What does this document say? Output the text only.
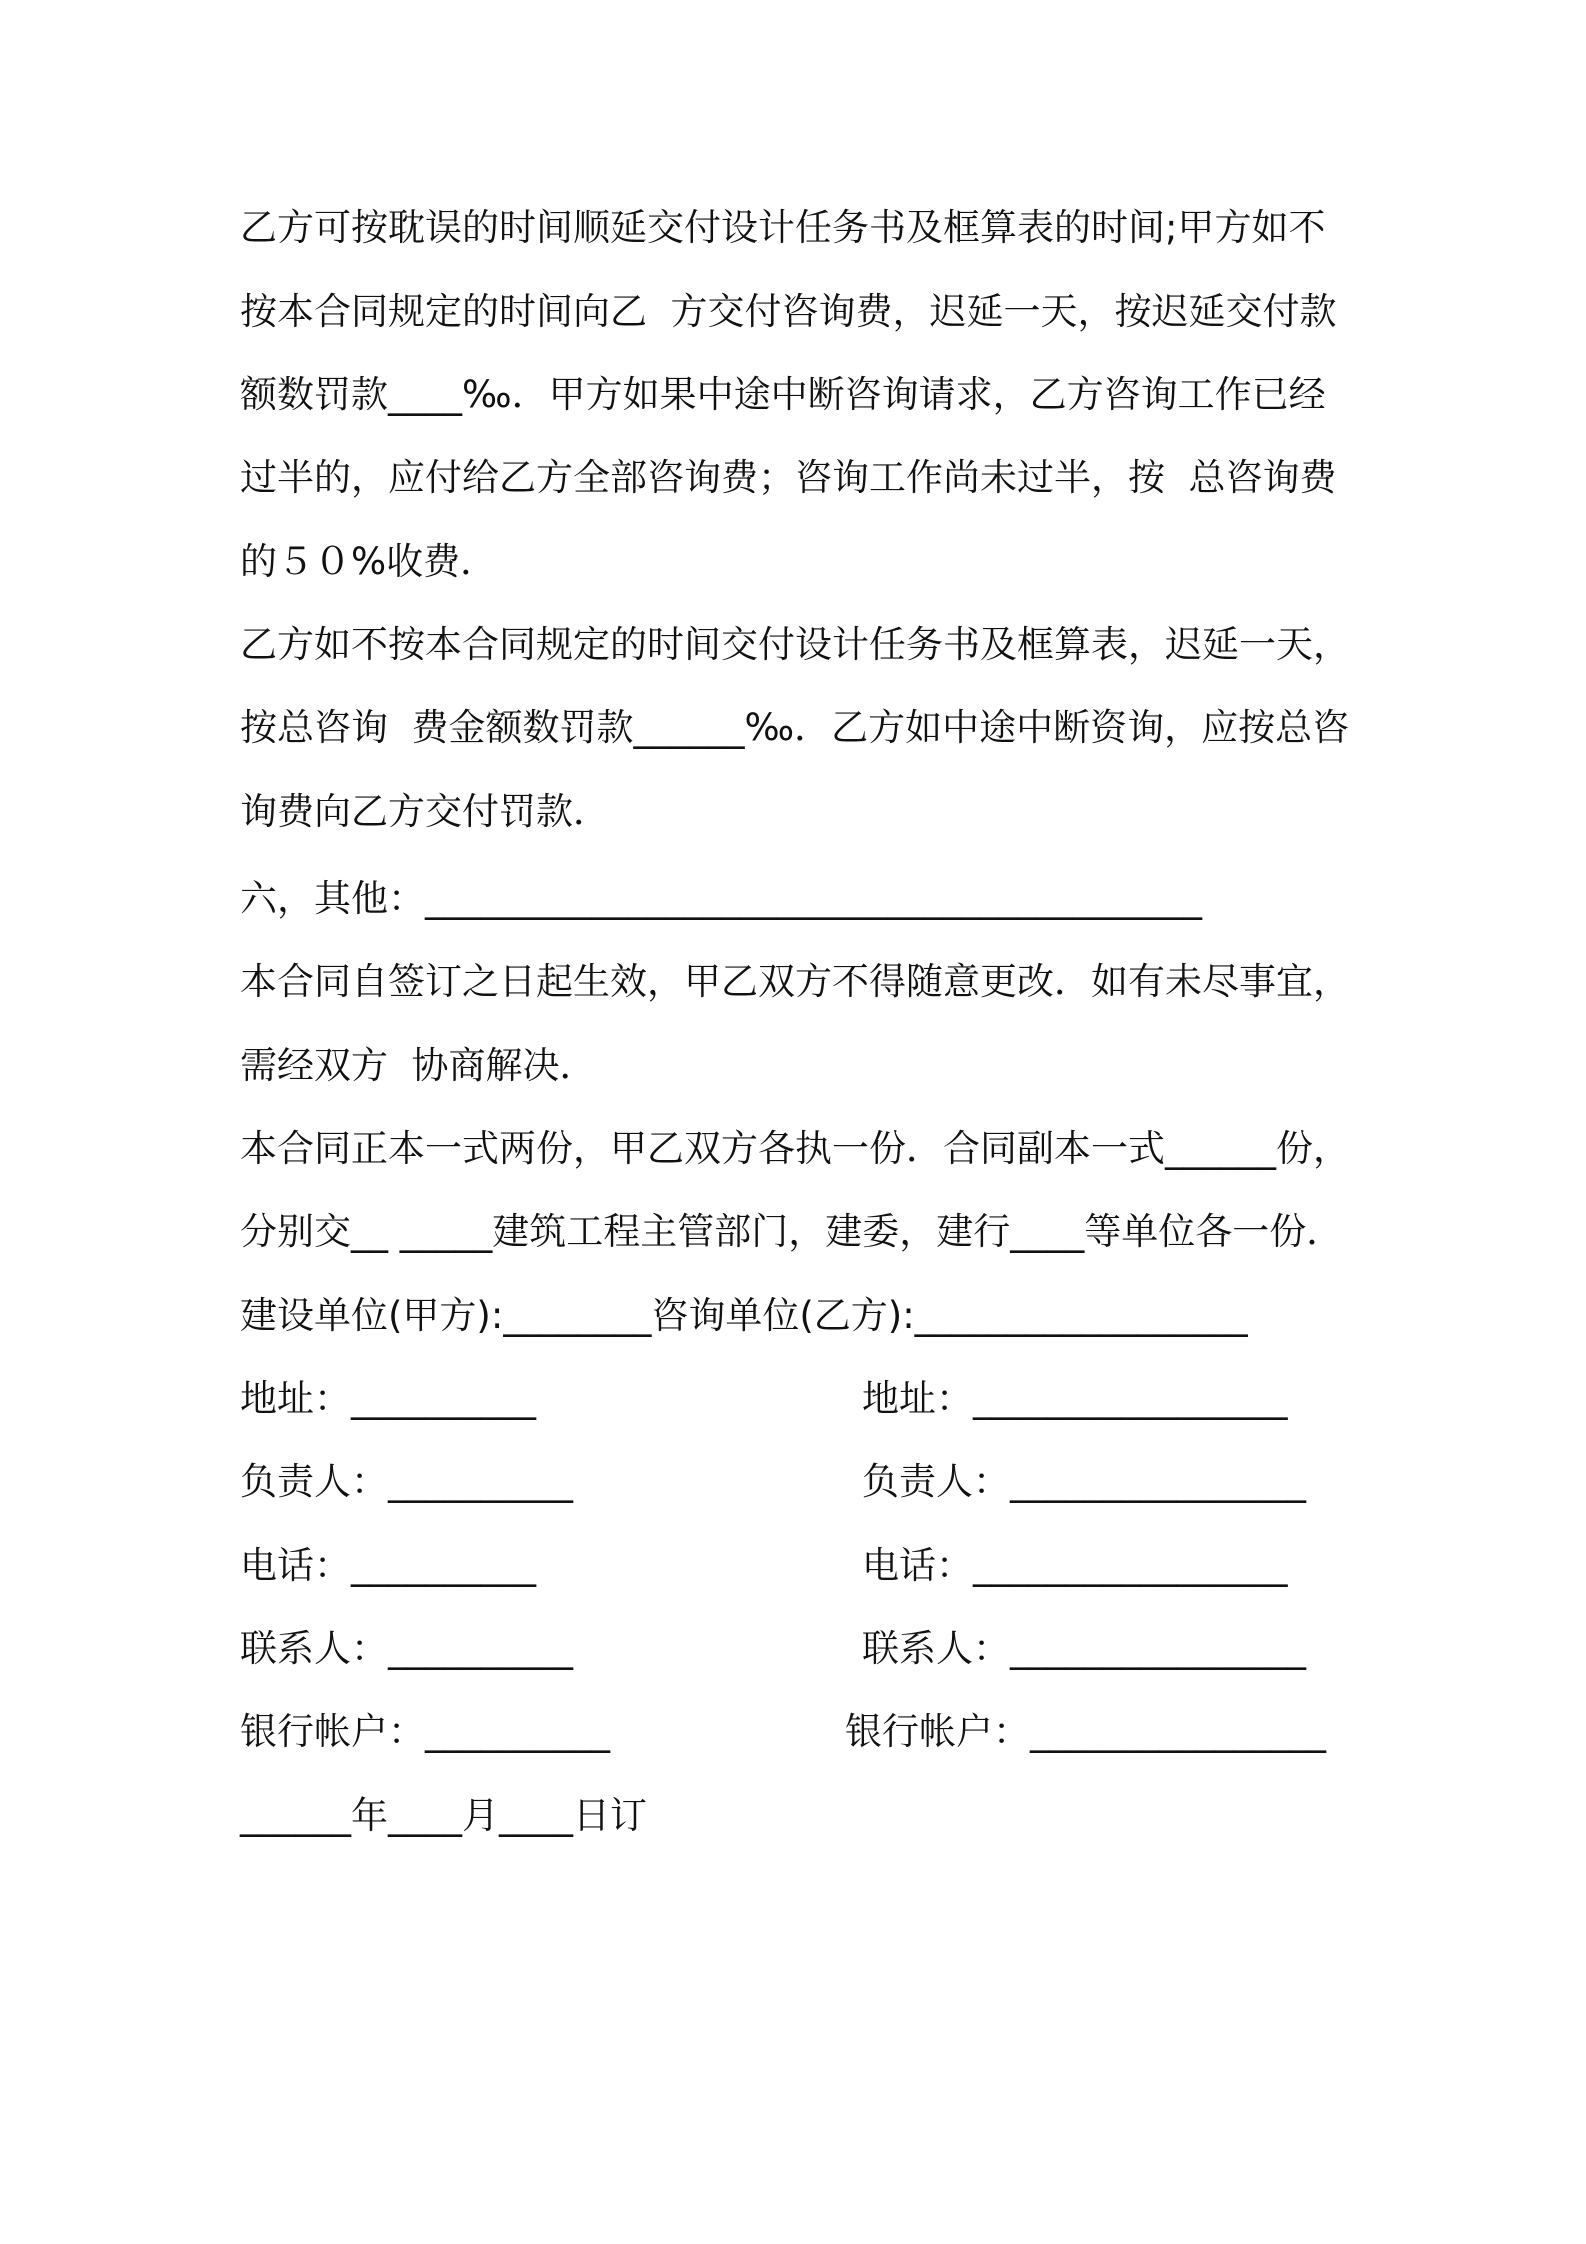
乙方可按耽误的时间顺延交付设计任务书及框算表的时间;甲方如不
按本合同规定的时间向乙  方交付咨询费，迟延一天，按迟延交付款
额数罚款____‰．甲方如果中途中断咨询请求，乙方咨询工作已经
过半的，应付给乙方全部咨询费；咨询工作尚未过半，按  总咨询费
的５０%收费．
乙方如不按本合同规定的时间交付设计任务书及框算表，迟延一天，
按总咨询  费金额数罚款______‰．乙方如中途中断资询，应按总咨
询费向乙方交付罚款．
六，其他：__________________________________________
本合同自签订之日起生效，甲乙双方不得随意更改．如有未尽事宜，
需经双方  协商解决．
本合同正本一式两份，甲乙双方各执一份．合同副本一式______份，
分别交__ _____建筑工程主管部门，建委，建行____等单位各一份．
建设单位(甲方):________咨询单位(乙方):__________________
地址：__________
负责人：__________
电话：__________
联系人：__________
银行帐户：__________
地址：_________________
负责人：________________
电话：_________________
联系人：________________
银行帐户：________________
______年____月____日订
